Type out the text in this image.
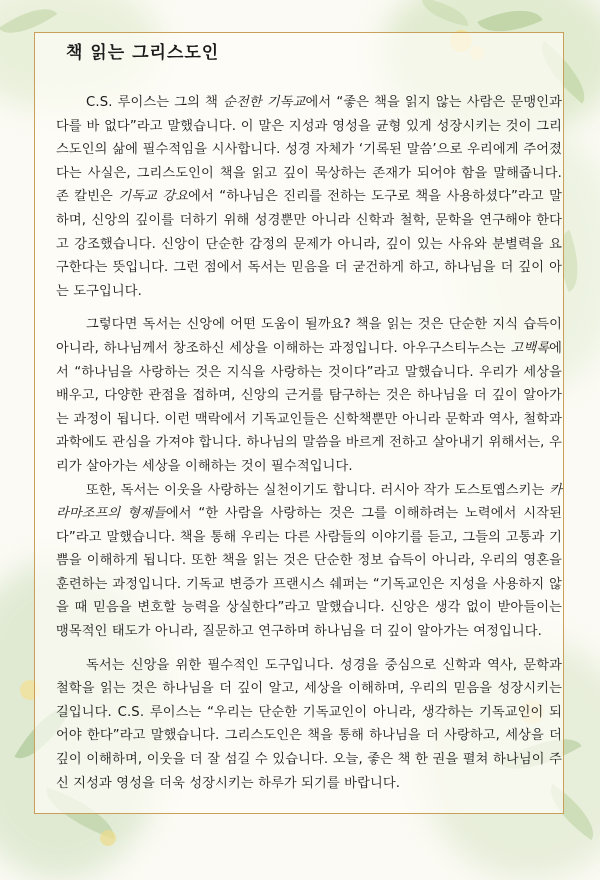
책 읽는 그리스도인

C.S. 루이스는 그의 책 순전한 기독교에서 “좋은 책을 읽지 않는 사람은 문맹인과 다를 바 없다”라고 말했습니다. 이 말은 지성과 영성을 균형 있게 성장시키는 것이 그리스도인의 삶에 필수적임을 시사합니다. 성경 자체가 ‘기록된 말씀’으로 우리에게 주어졌다는 사실은, 그리스도인이 책을 읽고 깊이 묵상하는 존재가 되어야 함을 말해줍니다. 존 칼빈은 기독교 강요에서 “하나님은 진리를 전하는 도구로 책을 사용하셨다”라고 말하며, 신앙의 깊이를 더하기 위해 성경뿐만 아니라 신학과 철학, 문학을 연구해야 한다고 강조했습니다. 신앙이 단순한 감정의 문제가 아니라, 깊이 있는 사유와 분별력을 요구한다는 뜻입니다. 그런 점에서 독서는 믿음을 더 굳건하게 하고, 하나님을 더 깊이 아는 도구입니다.

그렇다면 독서는 신앙에 어떤 도움이 될까요? 책을 읽는 것은 단순한 지식 습득이 아니라, 하나님께서 창조하신 세상을 이해하는 과정입니다. 아우구스티누스는 고백록에서 “하나님을 사랑하는 것은 지식을 사랑하는 것이다”라고 말했습니다. 우리가 세상을 배우고, 다양한 관점을 접하며, 신앙의 근거를 탐구하는 것은 하나님을 더 깊이 알아가는 과정이 됩니다. 이런 맥락에서 기독교인들은 신학책뿐만 아니라 문학과 역사, 철학과 과학에도 관심을 가져야 합니다. 하나님의 말씀을 바르게 전하고 살아내기 위해서는, 우리가 살아가는 세상을 이해하는 것이 필수적입니다.

또한, 독서는 이웃을 사랑하는 실천이기도 합니다. 러시아 작가 도스토옙스키는 카라마조프의 형제들에서 “한 사람을 사랑하는 것은 그를 이해하려는 노력에서 시작된다”라고 말했습니다. 책을 통해 우리는 다른 사람들의 이야기를 듣고, 그들의 고통과 기쁨을 이해하게 됩니다. 또한 책을 읽는 것은 단순한 정보 습득이 아니라, 우리의 영혼을 훈련하는 과정입니다. 기독교 변증가 프랜시스 쉐퍼는 “기독교인은 지성을 사용하지 않을 때 믿음을 변호할 능력을 상실한다”라고 말했습니다. 신앙은 생각 없이 받아들이는 맹목적인 태도가 아니라, 질문하고 연구하며 하나님을 더 깊이 알아가는 여정입니다.

독서는 신앙을 위한 필수적인 도구입니다. 성경을 중심으로 신학과 역사, 문학과 철학을 읽는 것은 하나님을 더 깊이 알고, 세상을 이해하며, 우리의 믿음을 성장시키는 길입니다. C.S. 루이스는 “우리는 단순한 기독교인이 아니라, 생각하는 기독교인이 되어야 한다”라고 말했습니다. 그리스도인은 책을 통해 하나님을 더 사랑하고, 세상을 더 깊이 이해하며, 이웃을 더 잘 섬길 수 있습니다. 오늘, 좋은 책 한 권을 펼쳐 하나님이 주신 지성과 영성을 더욱 성장시키는 하루가 되기를 바랍니다.
